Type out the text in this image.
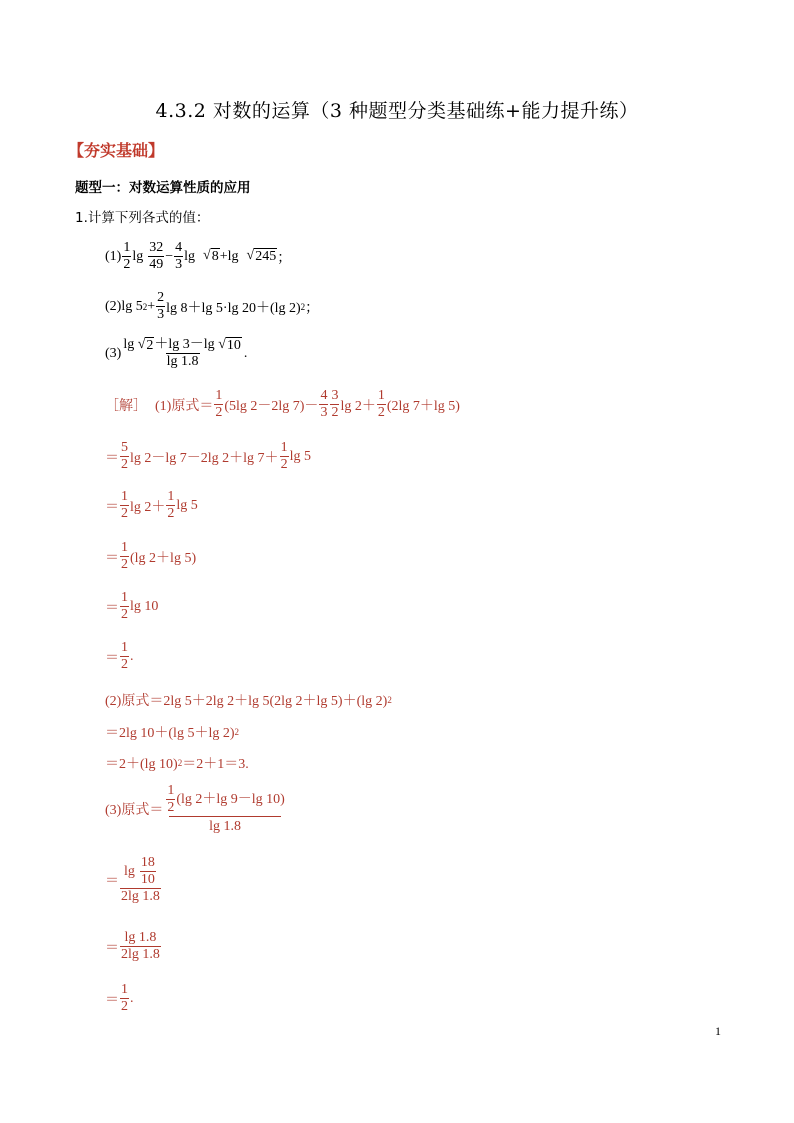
4.3.2 对数的运算（3 种题型分类基础练+能力提升练）
【夯实基础】
题型一：对数运算性质的应用
1.计算下列各式的值：
$(1) \frac{1}{2}$ $\lg \frac{32}{49} - \frac{4}{3}$ lg √ 8 +lg √ 245 ；
(2)lg 5 $2 + \frac{2}{3}$ lg 8＋lg 5·lg 20＋(lg 2) 2 ；
$(3) \frac{\lg √ 2 +\lg 3-\lg √ 10}{\lg 1.8}$ .
［解］ (1)原式＝ $\frac{1}{2} (5\lg$ 2－2lg $7)- \frac{4}{3} \frac{3}{2}$ $\lg 2+ \frac{1}{2} (2\lg$ 7＋lg 5)
＝ $\frac{5}{2}$ lg 2－lg 7－2lg 2＋lg $7+ \frac{1}{2}$ lg 5
＝ $\frac{1}{2}$ $\lg 2+ \frac{1}{2}$ lg 5
＝ $\frac{1}{2} (\lg$ 2＋lg 5)
＝ $\frac{1}{2}$ lg 10
＝ $\frac{1}{2}$ .
(2)原式＝2lg 5＋2lg 2＋lg 5(2lg 2＋lg 5)＋(lg 2) 2
＝2lg 10＋(lg 5＋lg 2) 2
＝2＋(lg 10) 2 ＝2＋1＝3.
(3)原式＝ $\frac{\frac{1}{2} (\lg 2+\lg 9-\lg 10)}{\lg 1.8}$
＝ $\frac{\lg \frac{18}{10}}{2\lg 1.8}$
＝ $\frac{\lg 1.8}{2\lg 1.8}$
＝ $\frac{1}{2}$ .
1
